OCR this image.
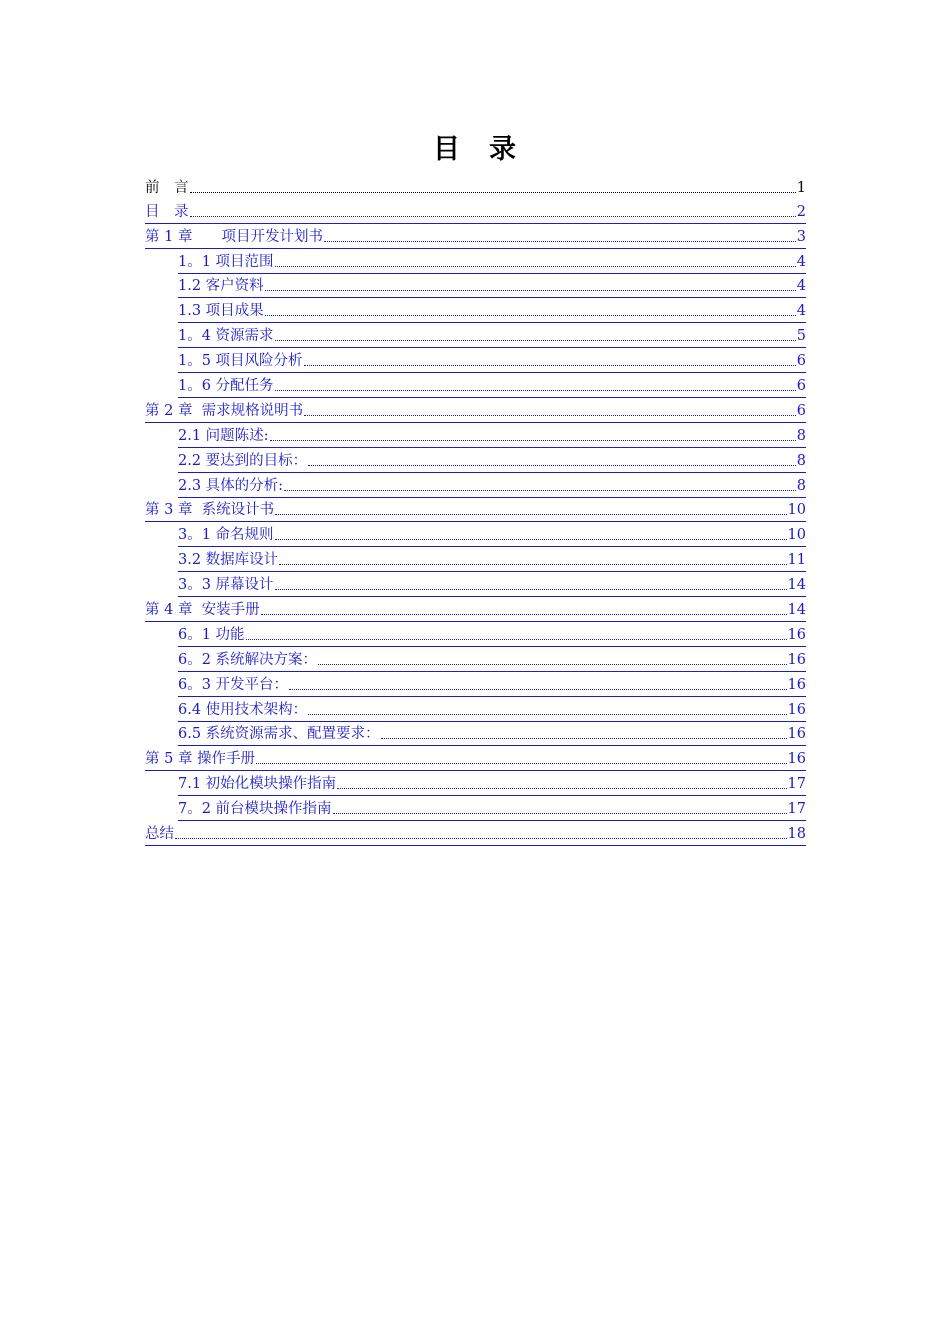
目　录
前　言	1
目　录	2
第 1 章　　项目开发计划书	3
1。1 项目范围	4
1.2 客户资料	4
1.3 项目成果	4
1。4 资源需求	5
1。5 项目风险分析	6
1。6 分配任务	6
第 2 章  需求规格说明书	6
2.1 问题陈述:	8
2.2 要达到的目标：	8
2.3 具体的分析:	8
第 3 章  系统设计书	10
3。1 命名规则	10
3.2 数据库设计	11
3。3 屏幕设计	14
第 4 章  安装手册	14
6。1 功能	16
6。2 系统解决方案：	16
6。3 开发平台：	16
6.4 使用技术架构：	16
6.5 系统资源需求、配置要求：	16
第 5 章 操作手册	16
7.1 初始化模块操作指南	17
7。2 前台模块操作指南	17
总结	18
